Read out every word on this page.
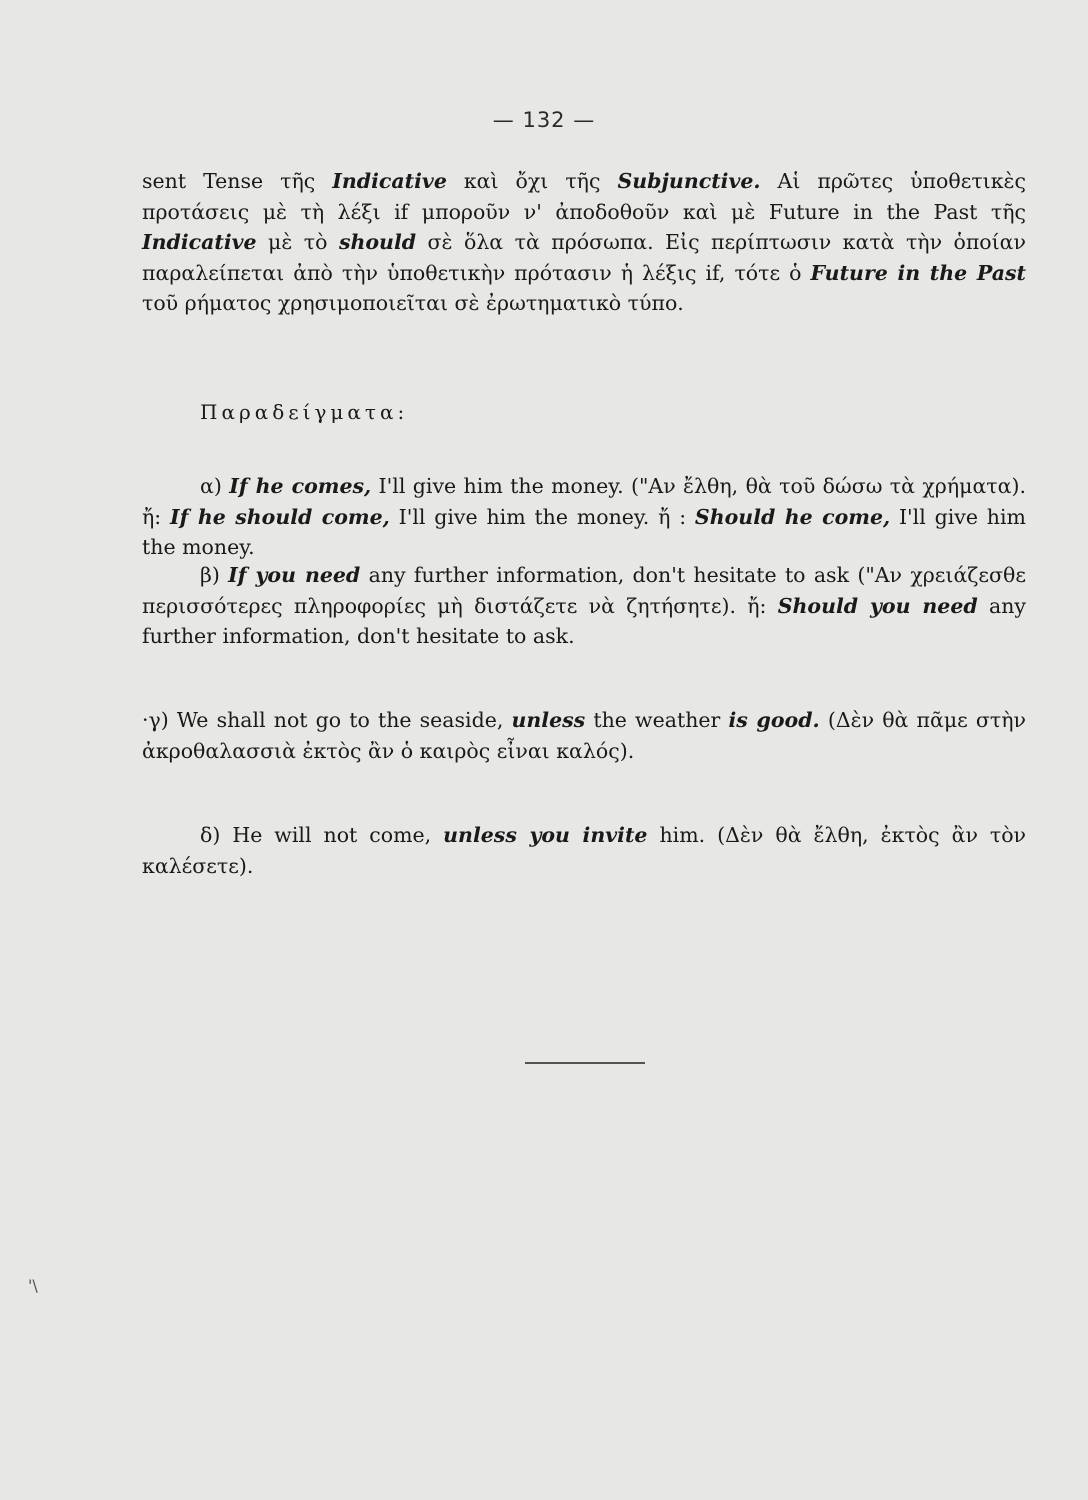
— 132 —
sent Tense τῆς Indicative καὶ ὄχι τῆς Subjunctive. Αἱ πρῶτες ὑποθετικὲς προτάσεις μὲ τὴ λέξι if μποροῦν ν' ἀποδοθοῦν καὶ μὲ Future in the Past τῆς Indicative μὲ τὸ should σὲ ὅλα τὰ πρόσωπα. Εἰς περίπτωσιν κατὰ τὴν ὁποίαν παραλείπεται ἀπὸ τὴν ὑποθετικὴν πρότασιν ἡ λέξις if, τότε ὁ Future in the Past τοῦ ρήματος χρησιμοποιεῖται σὲ ἐρωτηματικὸ τύπο.
Παραδείγματα:
α) If he comes, I'll give him the money. ("Αν ἔλθη, θὰ τοῦ δώσω τὰ χρήματα). ἤ: If he should come, I'll give him the money. ἤ : Should he come, I'll give him the money.
β) If you need any further information, don't hesitate to ask ("Αν χρειάζεσθε περισσότερες πληροφορίες μὴ διστάζετε νὰ ζητήσητε). ἤ: Should you need any further information, don't hesitate to ask.
·γ) We shall not go to the seaside, unless the weather is good. (Δὲν θὰ πᾶμε στὴν ἀκροθαλασσιὰ ἐκτὸς ἂν ὁ καιρὸς εἶναι καλός).
δ) He will not come, unless you invite him. (Δὲν θὰ ἔλθη, ἐκτὸς ἂν τὸν καλέσετε).
'\
